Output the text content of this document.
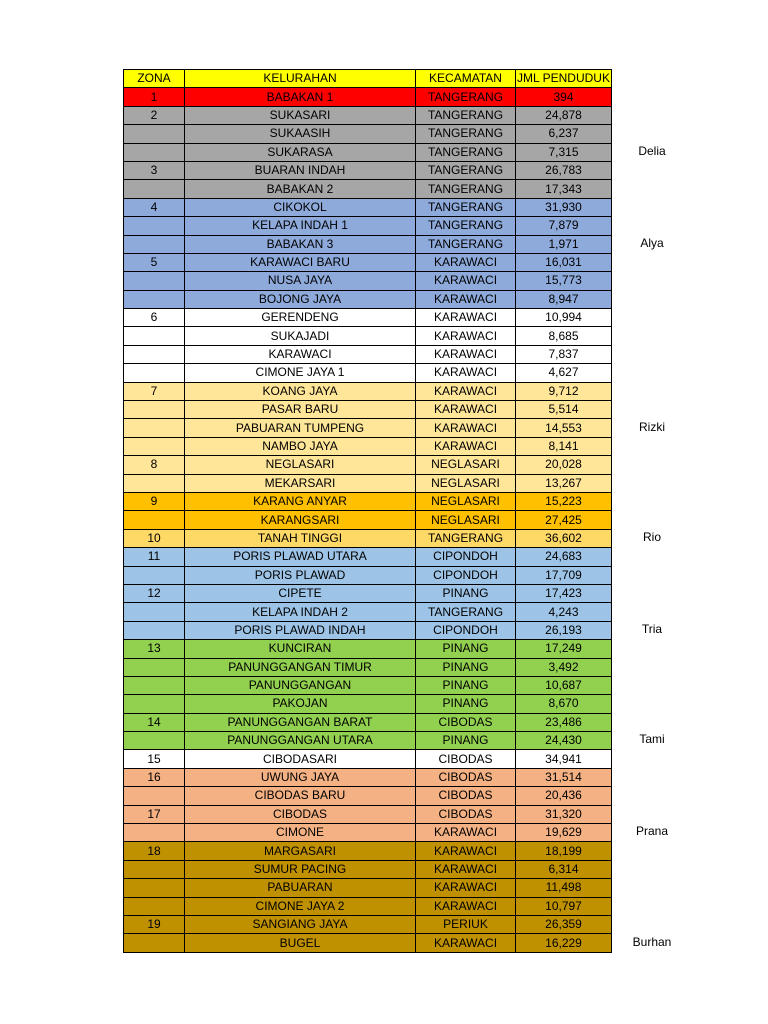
ZONA	KELURAHAN	KECAMATAN	JML PENDUDUK
1	BABAKAN 1	TANGERANG	394
2	SUKASARI	TANGERANG	24,878
	SUKAASIH	TANGERANG	6,237
	SUKARASA	TANGERANG	7,315
3	BUARAN INDAH	TANGERANG	26,783
	BABAKAN 2	TANGERANG	17,343
4	CIKOKOL	TANGERANG	31,930
	KELAPA INDAH 1	TANGERANG	7,879
	BABAKAN 3	TANGERANG	1,971
5	KARAWACI BARU	KARAWACI	16,031
	NUSA JAYA	KARAWACI	15,773
	BOJONG JAYA	KARAWACI	8,947
6	GERENDENG	KARAWACI	10,994
	SUKAJADI	KARAWACI	8,685
	KARAWACI	KARAWACI	7,837
	CIMONE JAYA 1	KARAWACI	4,627
7	KOANG JAYA	KARAWACI	9,712
	PASAR BARU	KARAWACI	5,514
	PABUARAN TUMPENG	KARAWACI	14,553
	NAMBO JAYA	KARAWACI	8,141
8	NEGLASARI	NEGLASARI	20,028
	MEKARSARI	NEGLASARI	13,267
9	KARANG ANYAR	NEGLASARI	15,223
	KARANGSARI	NEGLASARI	27,425
10	TANAH TINGGI	TANGERANG	36,602
11	PORIS PLAWAD UTARA	CIPONDOH	24,683
	PORIS PLAWAD	CIPONDOH	17,709
12	CIPETE	PINANG	17,423
	KELAPA INDAH 2	TANGERANG	4,243
	PORIS PLAWAD INDAH	CIPONDOH	26,193
13	KUNCIRAN	PINANG	17,249
	PANUNGGANGAN TIMUR	PINANG	3,492
	PANUNGGANGAN	PINANG	10,687
	PAKOJAN	PINANG	8,670
14	PANUNGGANGAN BARAT	CIBODAS	23,486
	PANUNGGANGAN UTARA	PINANG	24,430
15	CIBODASARI	CIBODAS	34,941
16	UWUNG JAYA	CIBODAS	31,514
	CIBODAS BARU	CIBODAS	20,436
17	CIBODAS	CIBODAS	31,320
	CIMONE	KARAWACI	19,629
18	MARGASARI	KARAWACI	18,199
	SUMUR PACING	KARAWACI	6,314
	PABUARAN	KARAWACI	11,498
	CIMONE JAYA 2	KARAWACI	10,797
19	SANGIANG JAYA	PERIUK	26,359
	BUGEL	KARAWACI	16,229
Delia
Alya
Rizki
Rio
Tria
Tami
Prana
Burhan
